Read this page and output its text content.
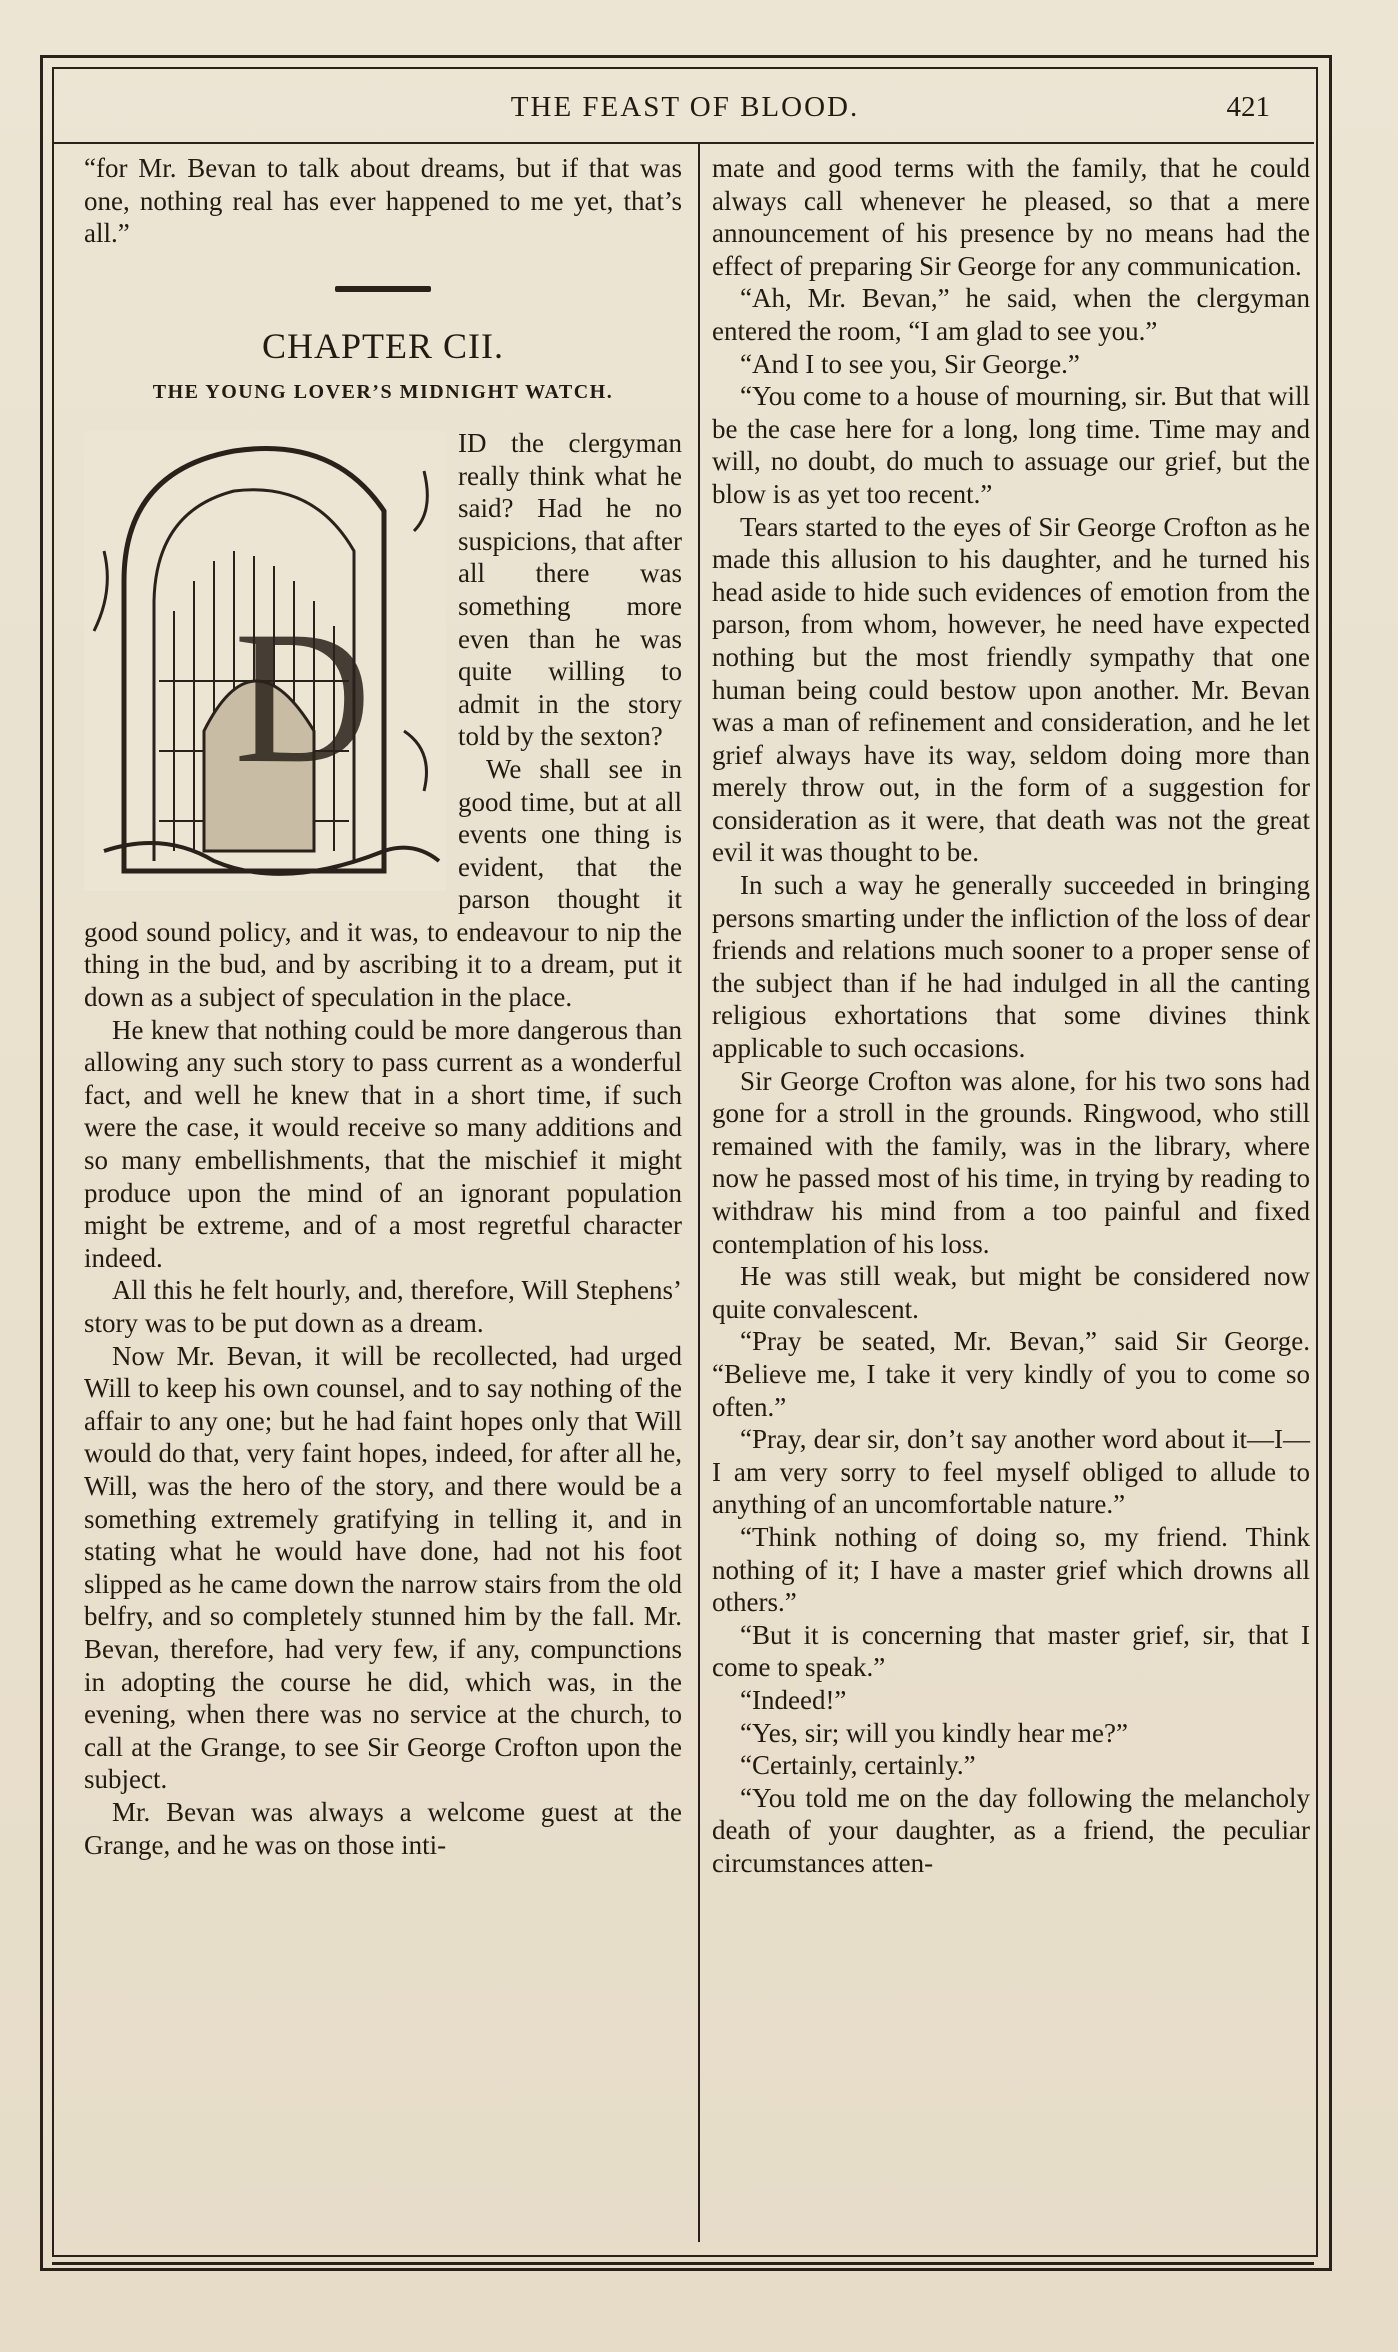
THE FEAST OF BLOOD.	421

“for Mr. Bevan to talk about dreams, but if that was one, nothing real has ever happened to me yet, that’s all.”

CHAPTER CII.
THE YOUNG LOVER’S MIDNIGHT WATCH.
D

ID the clergyman really think what he said? Had he no suspicions, that after all there was something more even than he was quite willing to admit in the story told by the sexton?

We shall see in good time, but at all events one thing is evident, that the parson thought it good sound policy, and it was, to endeavour to nip the thing in the bud, and by ascribing it to a dream, put it down as a subject of speculation in the place.

He knew that nothing could be more dangerous than allowing any such story to pass current as a wonderful fact, and well he knew that in a short time, if such were the case, it would receive so many additions and so many embellishments, that the mischief it might produce upon the mind of an ignorant population might be extreme, and of a most regretful character indeed.

All this he felt hourly, and, therefore, Will Stephens’ story was to be put down as a dream.

Now Mr. Bevan, it will be recollected, had urged Will to keep his own counsel, and to say nothing of the affair to any one; but he had faint hopes only that Will would do that, very faint hopes, indeed, for after all he, Will, was the hero of the story, and there would be a something extremely gratifying in telling it, and in stating what he would have done, had not his foot slipped as he came down the narrow stairs from the old belfry, and so completely stunned him by the fall. Mr. Bevan, therefore, had very few, if any, compunctions in adopting the course he did, which was, in the evening, when there was no service at the church, to call at the Grange, to see Sir George Crofton upon the subject.

Mr. Bevan was always a welcome guest at the Grange, and he was on those inti-

mate and good terms with the family, that he could always call whenever he pleased, so that a mere announcement of his presence by no means had the effect of preparing Sir George for any communication.

“Ah, Mr. Bevan,” he said, when the clergyman entered the room, “I am glad to see you.”

“And I to see you, Sir George.”

“You come to a house of mourning, sir. But that will be the case here for a long, long time. Time may and will, no doubt, do much to assuage our grief, but the blow is as yet too recent.”

Tears started to the eyes of Sir George Crofton as he made this allusion to his daughter, and he turned his head aside to hide such evidences of emotion from the parson, from whom, however, he need have expected nothing but the most friendly sympathy that one human being could bestow upon another. Mr. Bevan was a man of refinement and consideration, and he let grief always have its way, seldom doing more than merely throw out, in the form of a suggestion for consideration as it were, that death was not the great evil it was thought to be.

In such a way he generally succeeded in bringing persons smarting under the infliction of the loss of dear friends and relations much sooner to a proper sense of the subject than if he had indulged in all the canting religious exhortations that some divines think applicable to such occasions.

Sir George Crofton was alone, for his two sons had gone for a stroll in the grounds. Ringwood, who still remained with the family, was in the library, where now he passed most of his time, in trying by reading to withdraw his mind from a too painful and fixed contemplation of his loss.

He was still weak, but might be considered now quite convalescent.

“Pray be seated, Mr. Bevan,” said Sir George. “Believe me, I take it very kindly of you to come so often.”

“Pray, dear sir, don’t say another word about it—I—I am very sorry to feel myself obliged to allude to anything of an uncomfortable nature.”

“Think nothing of doing so, my friend. Think nothing of it; I have a master grief which drowns all others.”

“But it is concerning that master grief, sir, that I come to speak.”

“Indeed!”

“Yes, sir; will you kindly hear me?”

“Certainly, certainly.”

“You told me on the day following the melancholy death of your daughter, as a friend, the peculiar circumstances atten-
